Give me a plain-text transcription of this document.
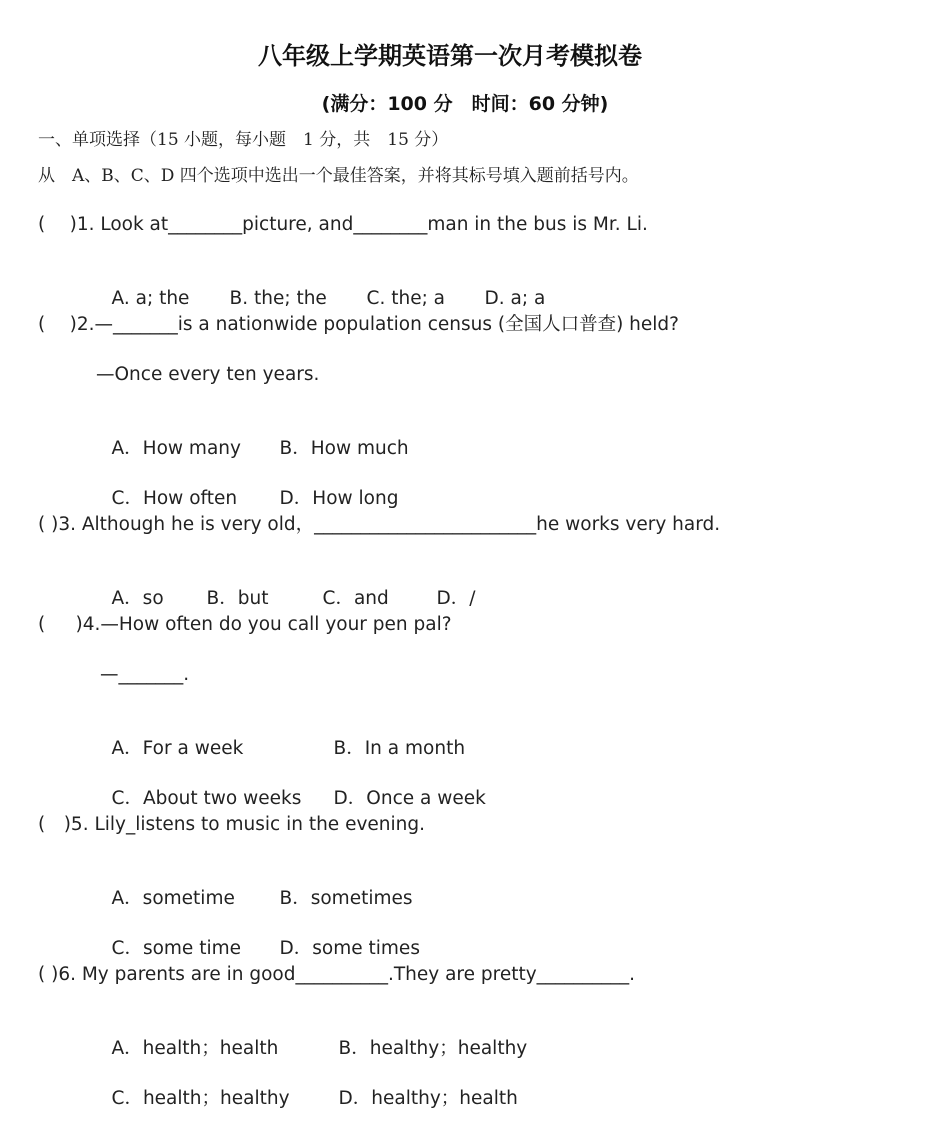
八年级上学期英语第一次月考模拟卷
(满分：100 分　时间：60 分钟)
一、单项选择（15 小题，每小题　1 分，共　15 分）
从　A、B、C、D 四个选项中选出一个最佳答案，并将其标号填入题前括号内。
(　 )1. Look at________picture, and________man in the bus is Mr. Li.

A. a; the B. the; the C. the; a D. a; a

(　 )2.—_______is a nationwide population census (全国人口普查) held?
—Once every ten years.

A．How many B．How much

C．How often D．How long

( )3. Although he is very old，________________________he works very hard.

A．so B．but	C．and	D．/

(　  )4.—How often do you call your pen pal?
—_______.

A．For a week	B．In a month

C．About two weeks D．Once a week

(　)5. Lily_listens to music in the evening.

A．sometime B．sometimes

C．some time D．some times

( )6. My parents are in good__________.They are pretty__________.

A．health；health	B．healthy；healthy

C．health；healthy	D．healthy；health
